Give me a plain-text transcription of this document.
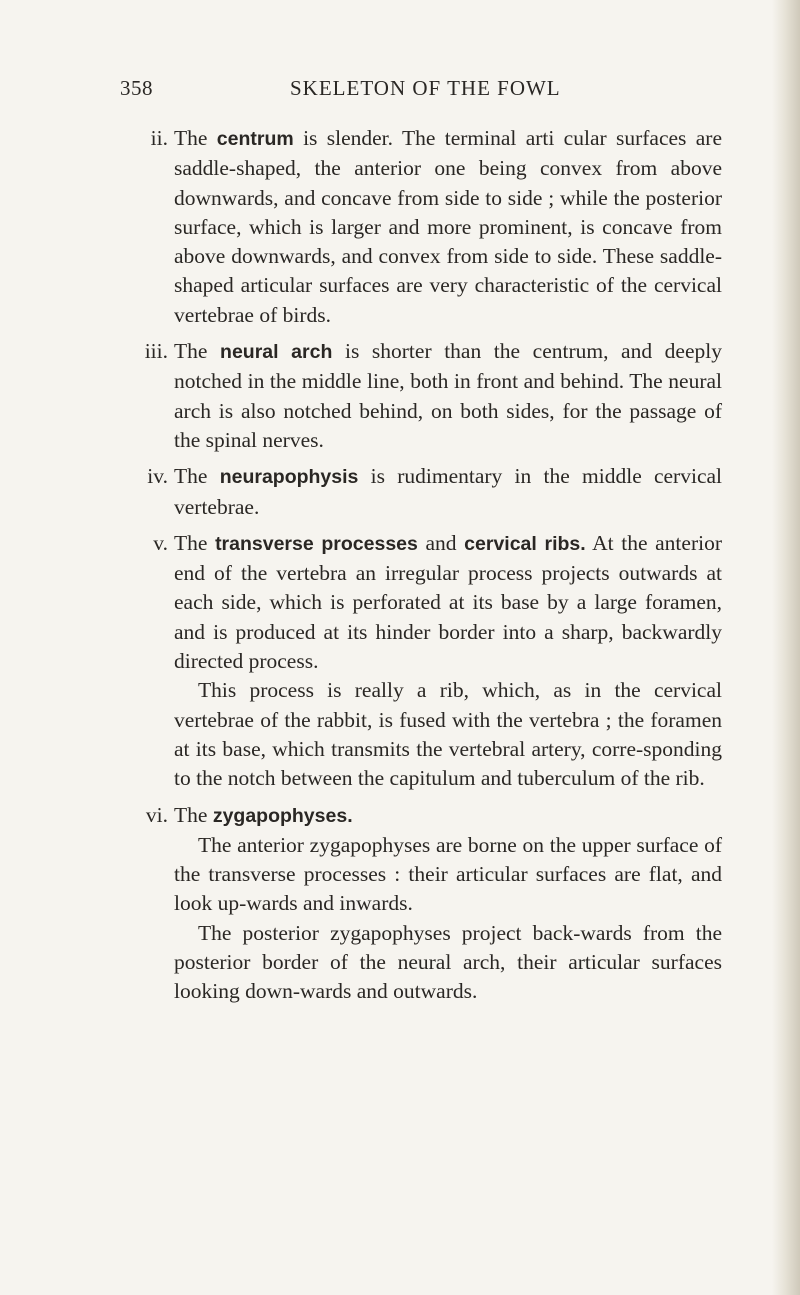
358	SKELETON OF THE FOWL
ii. The centrum is slender. The terminal arti cular surfaces are saddle-shaped, the anterior one being convex from above downwards, and concave from side to side ; while the posterior surface, which is larger and more prominent, is concave from above downwards, and convex from side to side. These saddle-shaped articular surfaces are very characteristic of the cervical vertebrae of birds.
iii. The neural arch is shorter than the centrum, and deeply notched in the middle line, both in front and behind. The neural arch is also notched behind, on both sides, for the passage of the spinal nerves.
iv. The neurapophysis is rudimentary in the middle cervical vertebrae.
v. The transverse processes and cervical ribs. At the anterior end of the vertebra an irregular process projects outwards at each side, which is perforated at its base by a large foramen, and is produced at its hinder border into a sharp, backwardly directed process.
This process is really a rib, which, as in the cervical vertebrae of the rabbit, is fused with the vertebra ; the foramen at its base, which transmits the vertebral artery, corre-sponding to the notch between the capitulum and tuberculum of the rib.
vi. The zygapophyses.
The anterior zygapophyses are borne on the upper surface of the transverse processes : their articular surfaces are flat, and look up-wards and inwards.
The posterior zygapophyses project back-wards from the posterior border of the neural arch, their articular surfaces looking down-wards and outwards.
